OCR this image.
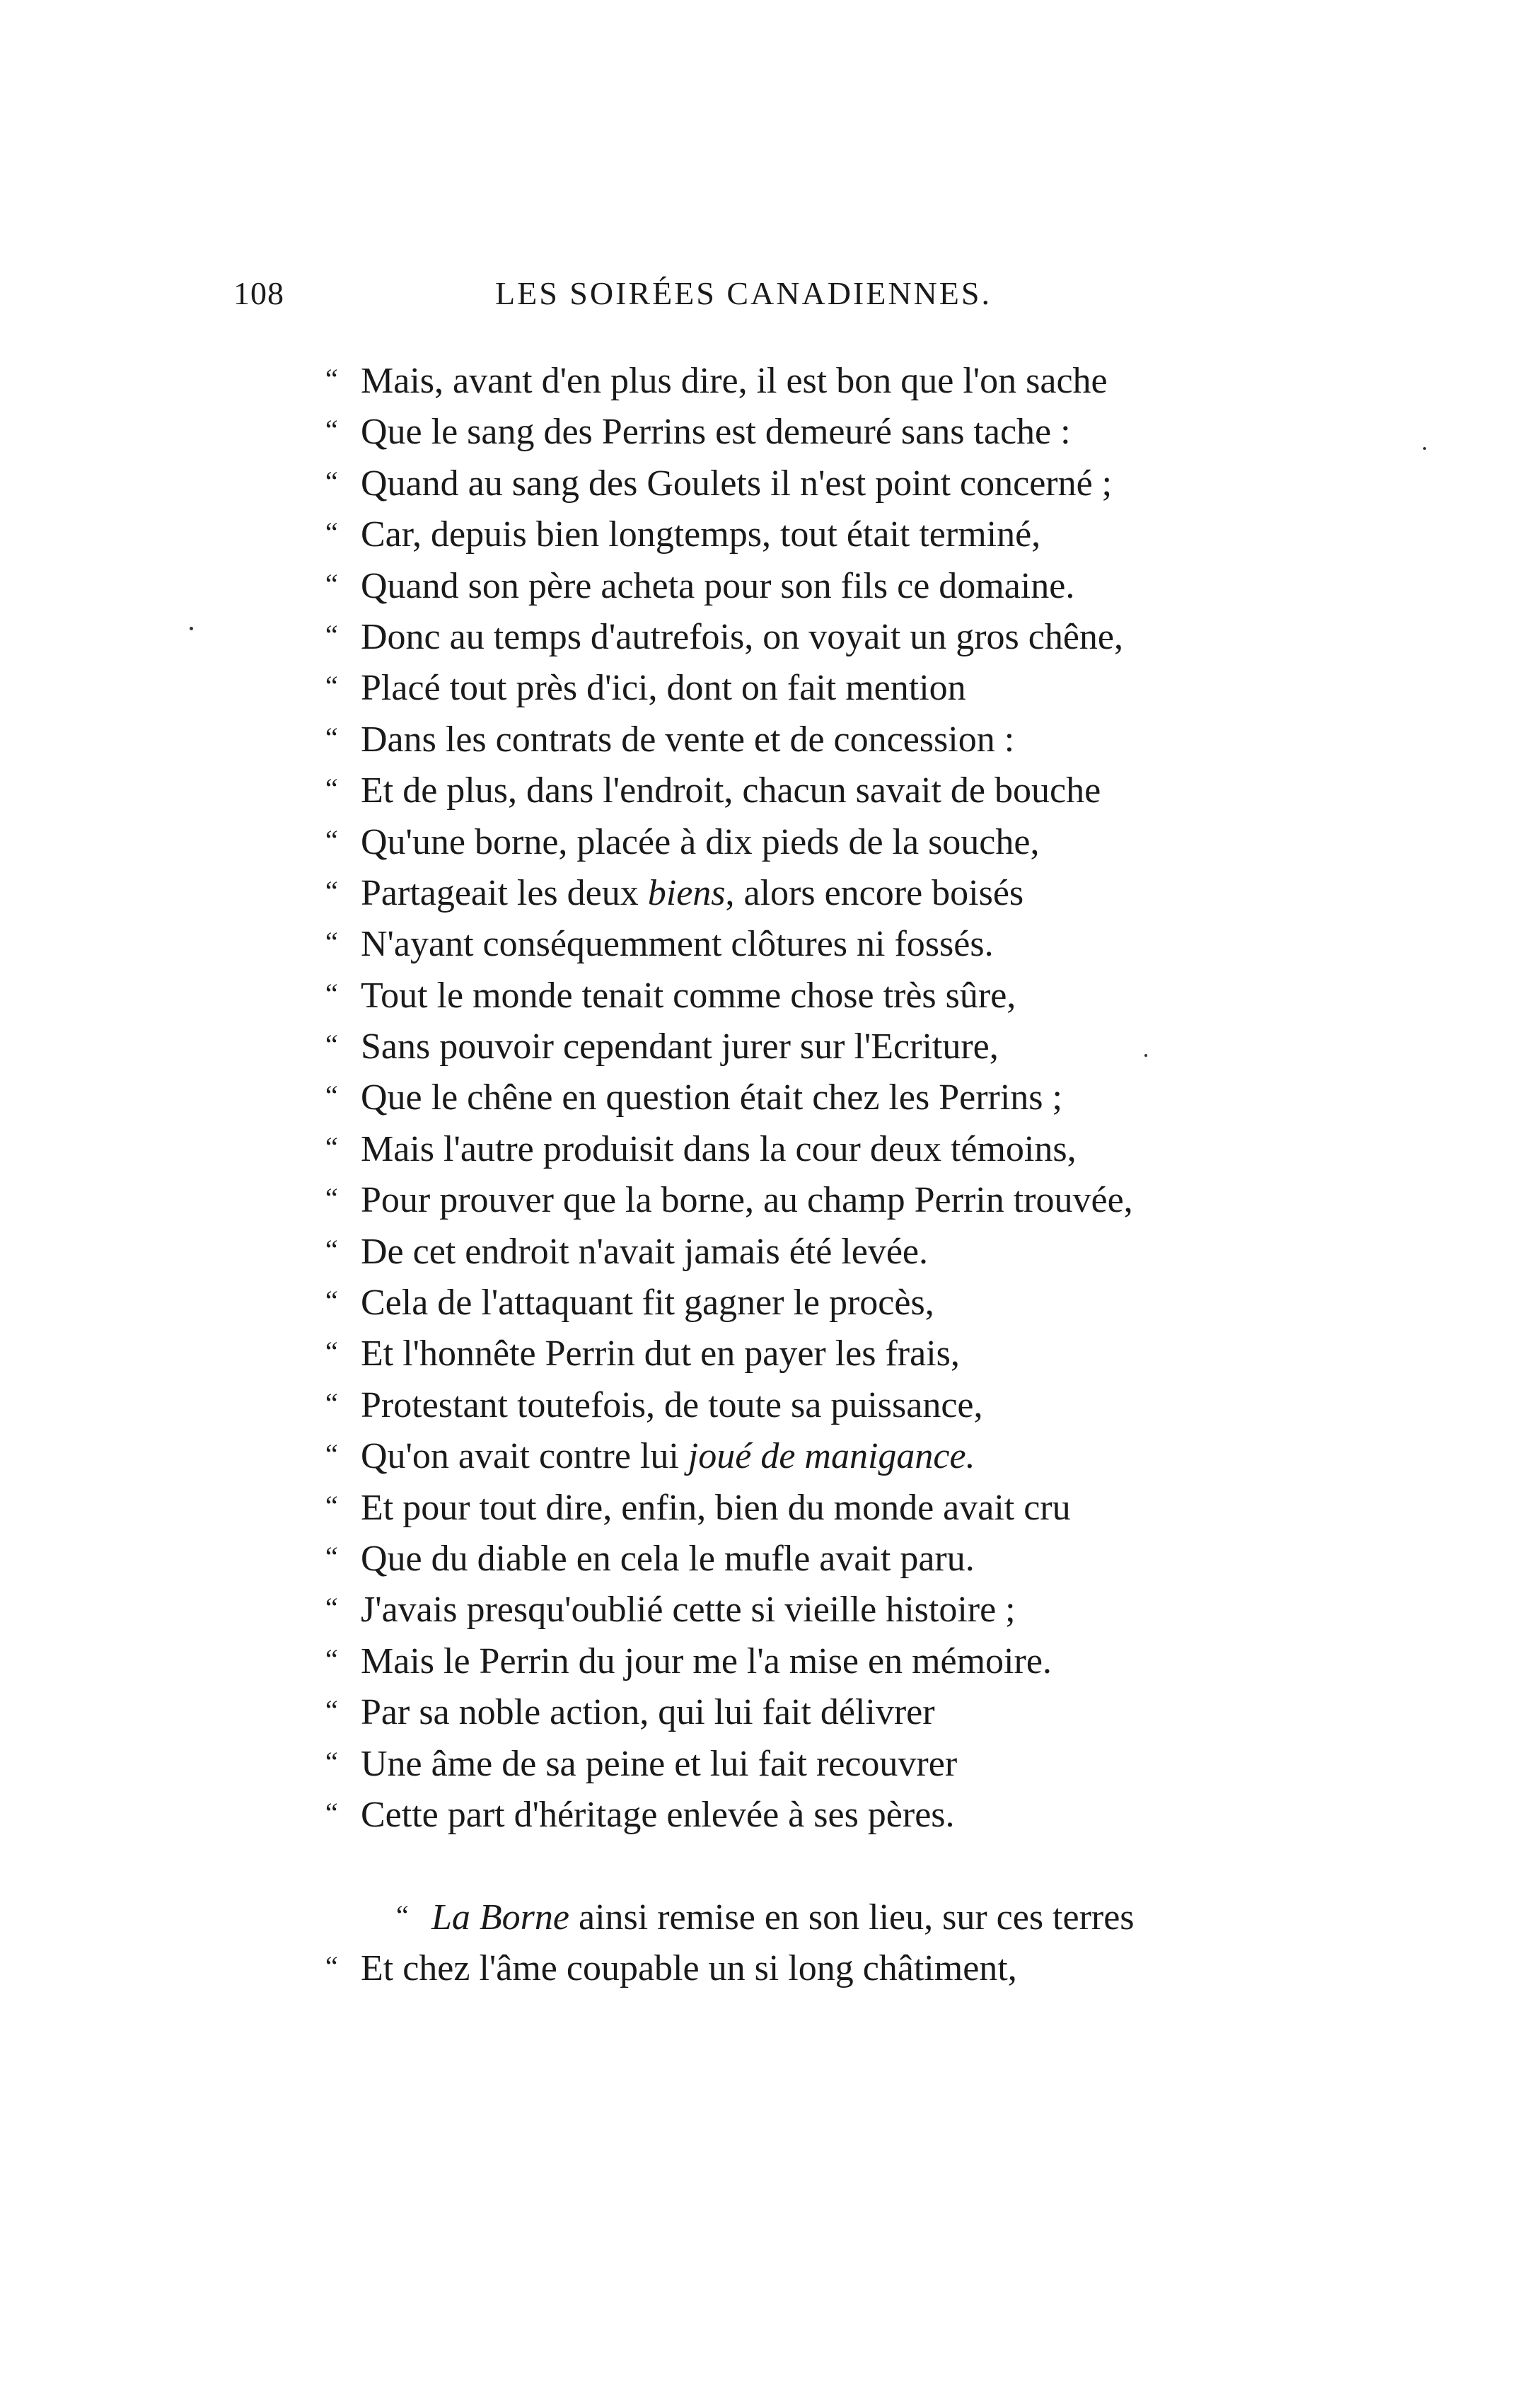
108	LES SOIRÉES CANADIENNES.
“ Mais, avant d'en plus dire, il est bon que l'on sache
“ Que le sang des Perrins est demeuré sans tache :
“ Quand au sang des Goulets il n'est point concerné ;
“ Car, depuis bien longtemps, tout était terminé,
“ Quand son père acheta pour son fils ce domaine.
“ Donc au temps d'autrefois, on voyait un gros chêne,
“ Placé tout près d'ici, dont on fait mention
“ Dans les contrats de vente et de concession :
“ Et de plus, dans l'endroit, chacun savait de bouche
“ Qu'une borne, placée à dix pieds de la souche,
“ Partageait les deux biens, alors encore boisés
“ N'ayant conséquemment clôtures ni fossés.
“ Tout le monde tenait comme chose très sûre,
“ Sans pouvoir cependant jurer sur l'Ecriture,
“ Que le chêne en question était chez les Perrins ;
“ Mais l'autre produisit dans la cour deux témoins,
“ Pour prouver que la borne, au champ Perrin trouvée,
“ De cet endroit n'avait jamais été levée.
“ Cela de l'attaquant fit gagner le procès,
“ Et l'honnête Perrin dut en payer les frais,
“ Protestant toutefois, de toute sa puissance,
“ Qu'on avait contre lui joué de manigance.
“ Et pour tout dire, enfin, bien du monde avait cru
“ Que du diable en cela le mufle avait paru.
“ J'avais presqu'oublié cette si vieille histoire ;
“ Mais le Perrin du jour me l'a mise en mémoire.
“ Par sa noble action, qui lui fait délivrer
“ Une âme de sa peine et lui fait recouvrer
“ Cette part d'héritage enlevée à ses pères.
“ La Borne ainsi remise en son lieu, sur ces terres
“ Et chez l'âme coupable un si long châtiment,
